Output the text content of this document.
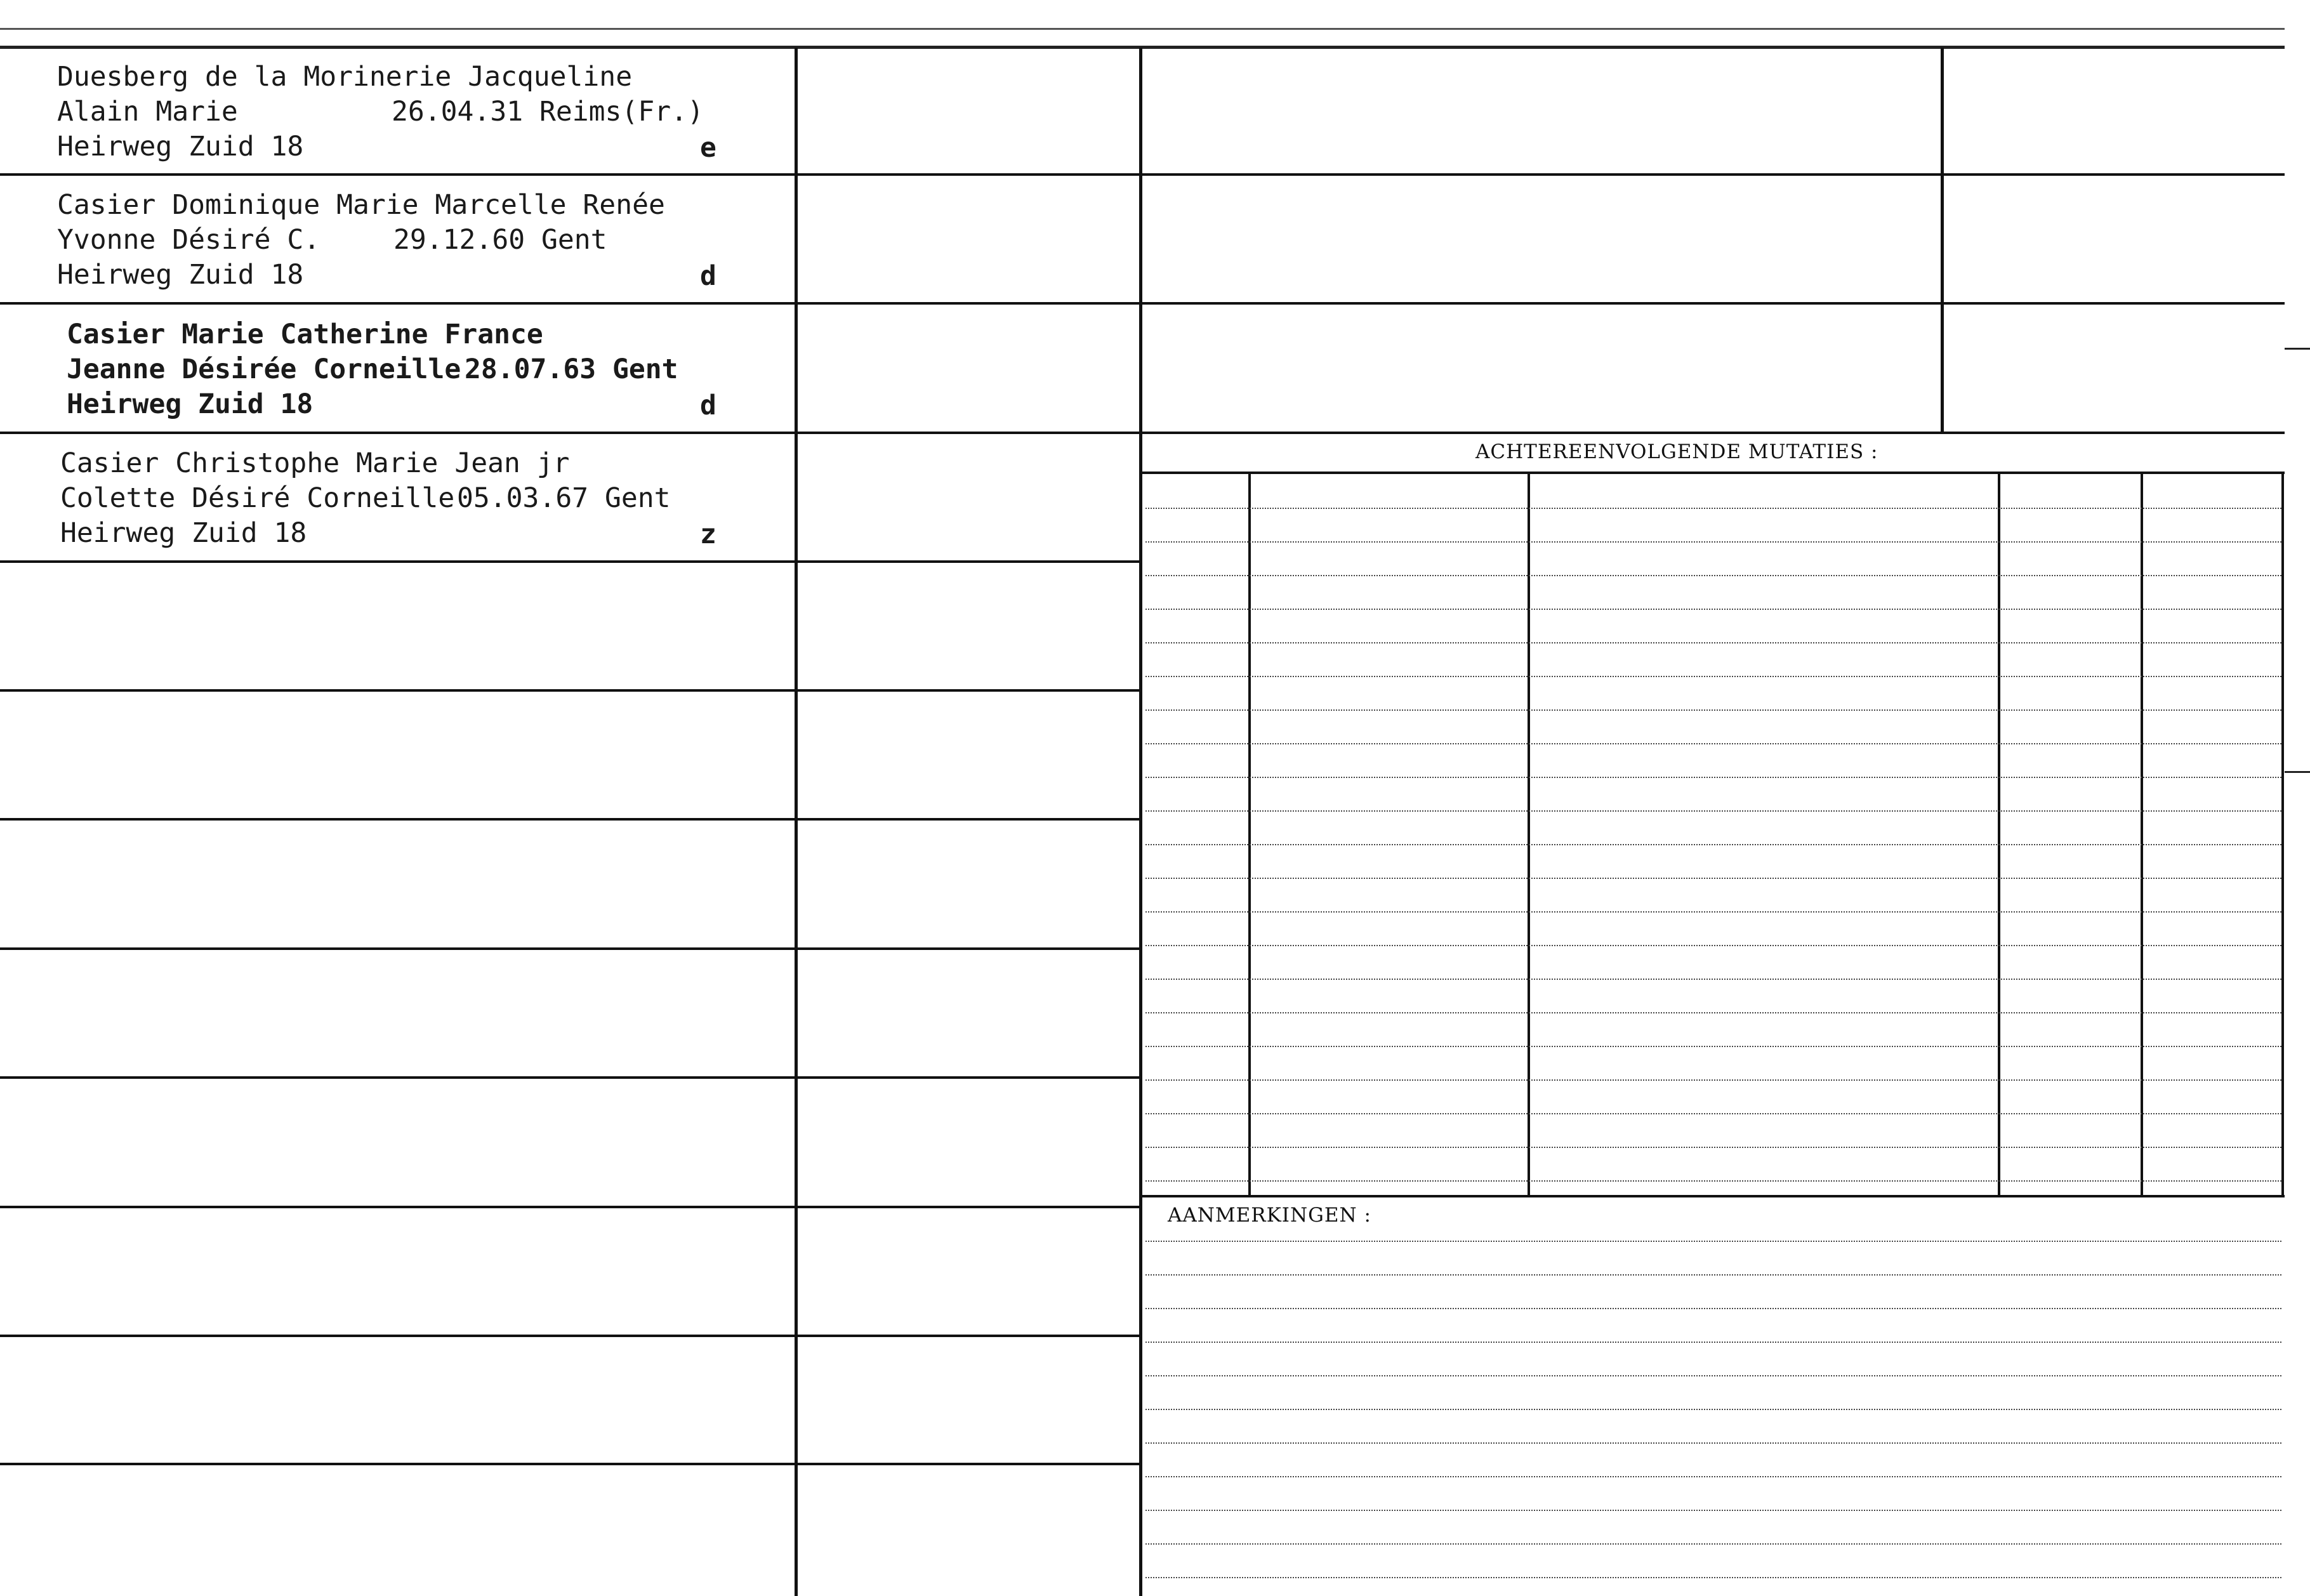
Duesberg de la Morinerie Jacqueline
Alain Marie	26.04.31 Reims(Fr.)
Heirweg Zuid 18	e
Casier Dominique Marie Marcelle Renée
Yvonne Désiré C.	29.12.60 Gent
Heirweg Zuid 18	d
Casier Marie Catherine France
Jeanne Désirée Corneille 28.07.63 Gent
Heirweg Zuid 18	d
Casier Christophe Marie Jean jr
Colette Désiré Corneille 05.03.67 Gent
Heirweg Zuid 18	z
ACHTEREENVOLGENDE MUTATIES :
AANMERKINGEN :
